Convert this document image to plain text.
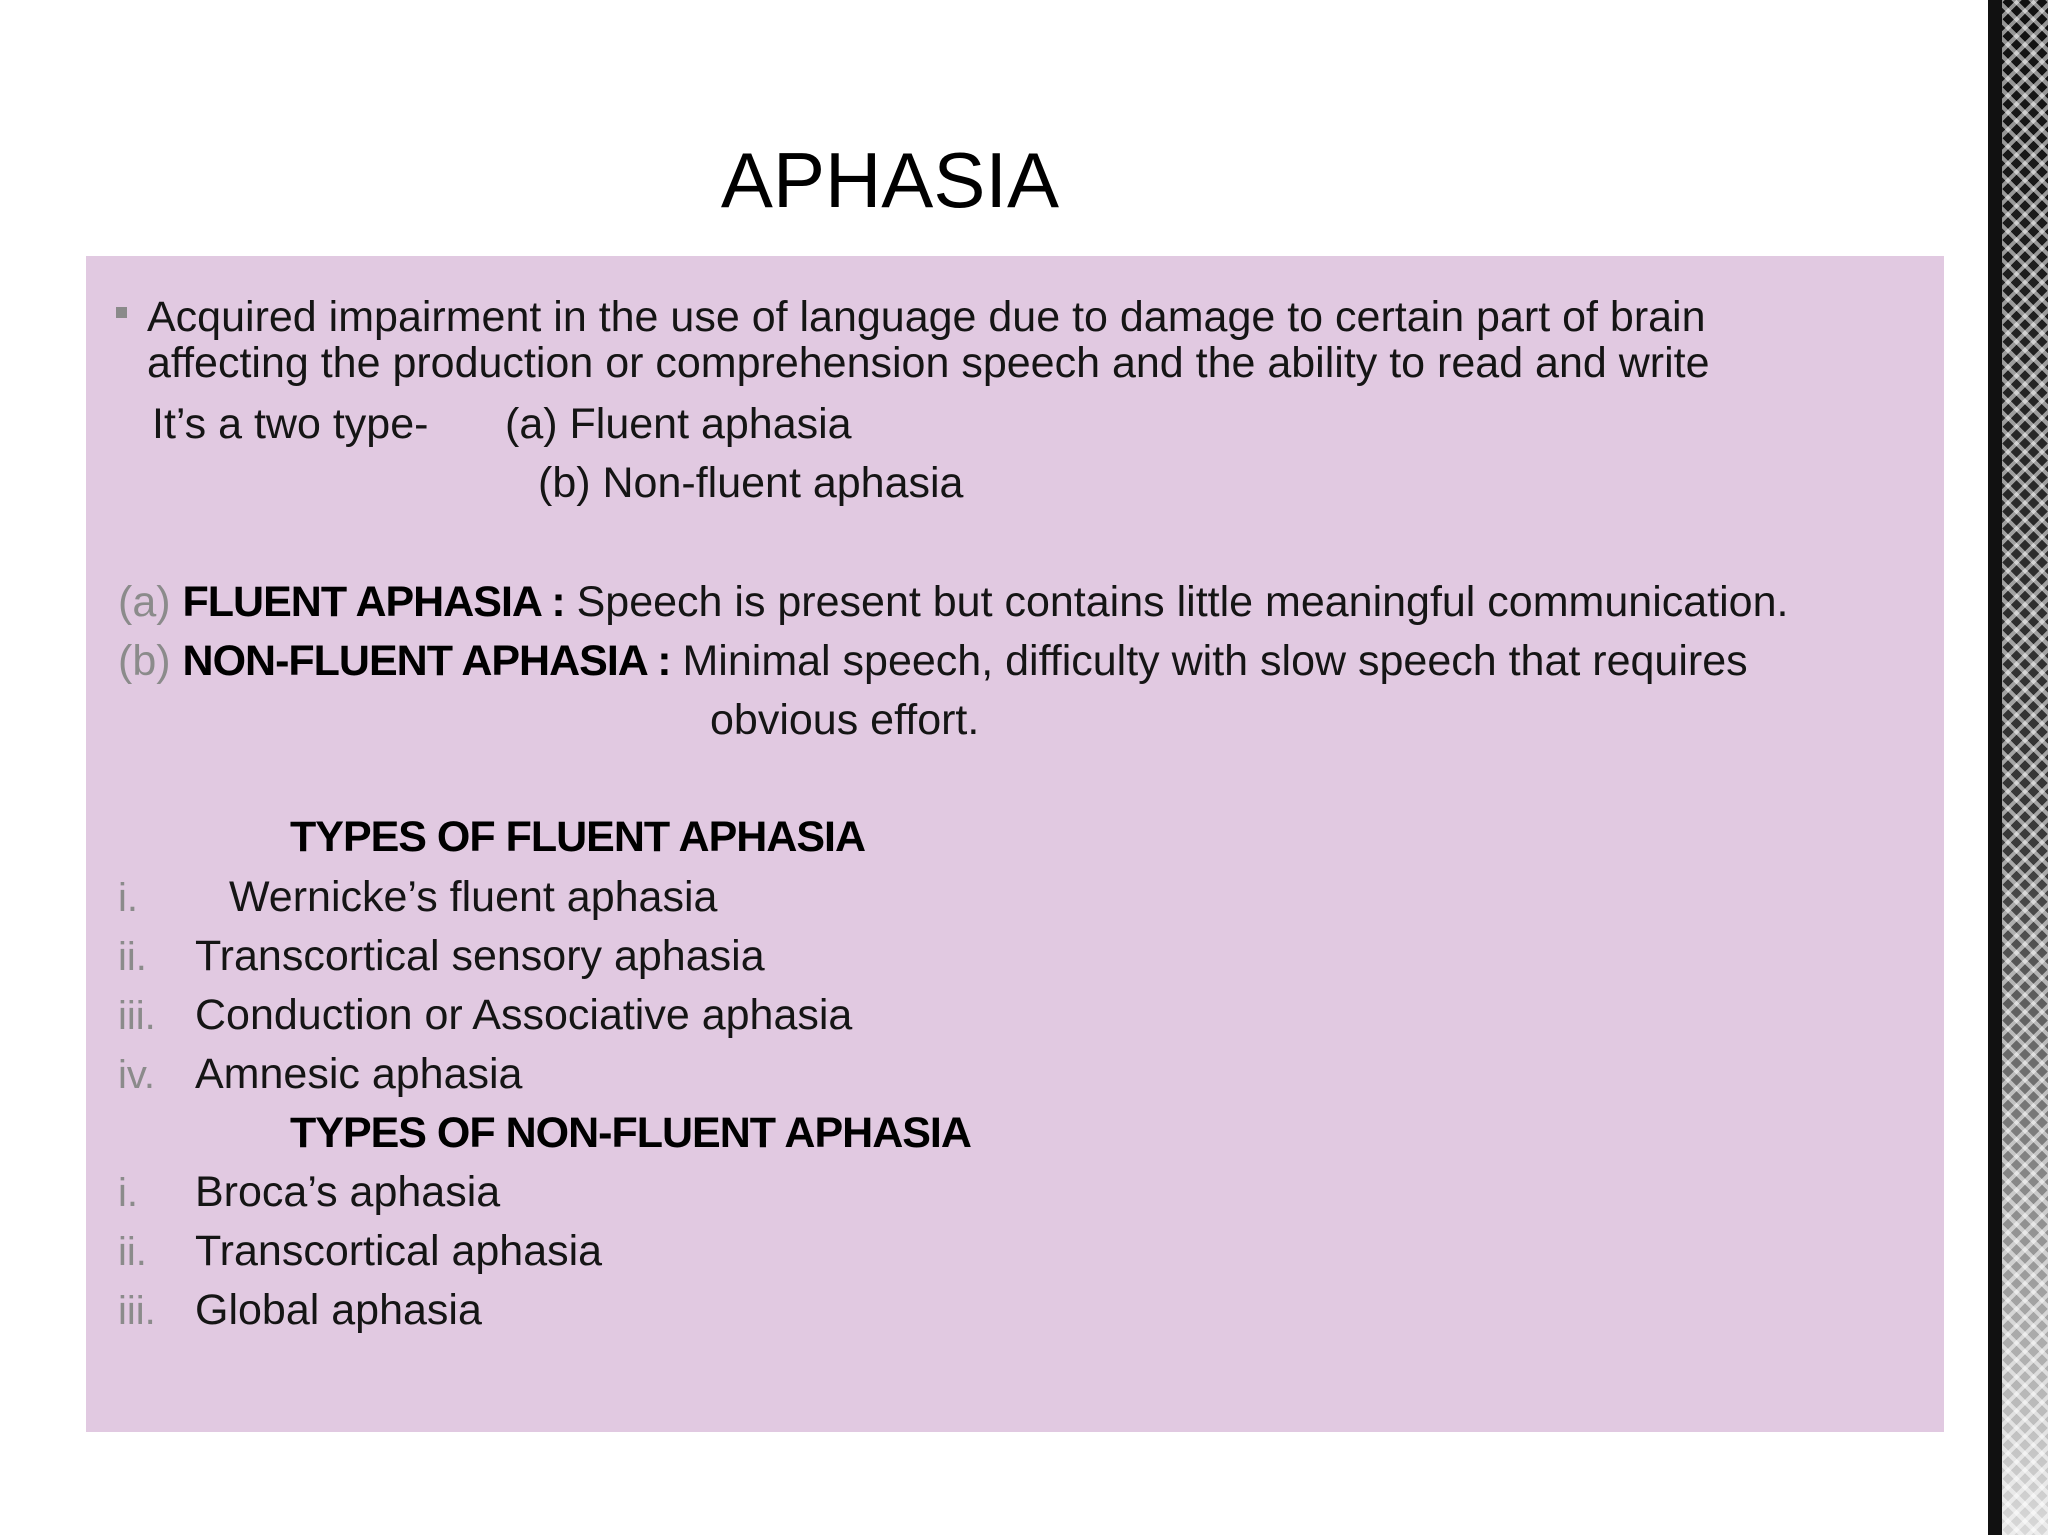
APHASIA
Acquired impairment in the use of language due to damage to certain part of brain
affecting the production or comprehension speech and the ability to read and write
It’s a two type- (a) Fluent aphasia
(b) Non-fluent aphasia
(a) FLUENT APHASIA : Speech is present but contains little meaningful communication.
(b) NON-FLUENT APHASIA : Minimal speech, difficulty with slow speech that requires
obvious effort.
TYPES OF FLUENT APHASIA
i. Wernicke’s fluent aphasia
ii. Transcortical sensory aphasia
iii. Conduction or Associative aphasia
iv. Amnesic aphasia
TYPES OF NON-FLUENT APHASIA
i. Broca’s aphasia
ii. Transcortical aphasia
iii. Global aphasia
